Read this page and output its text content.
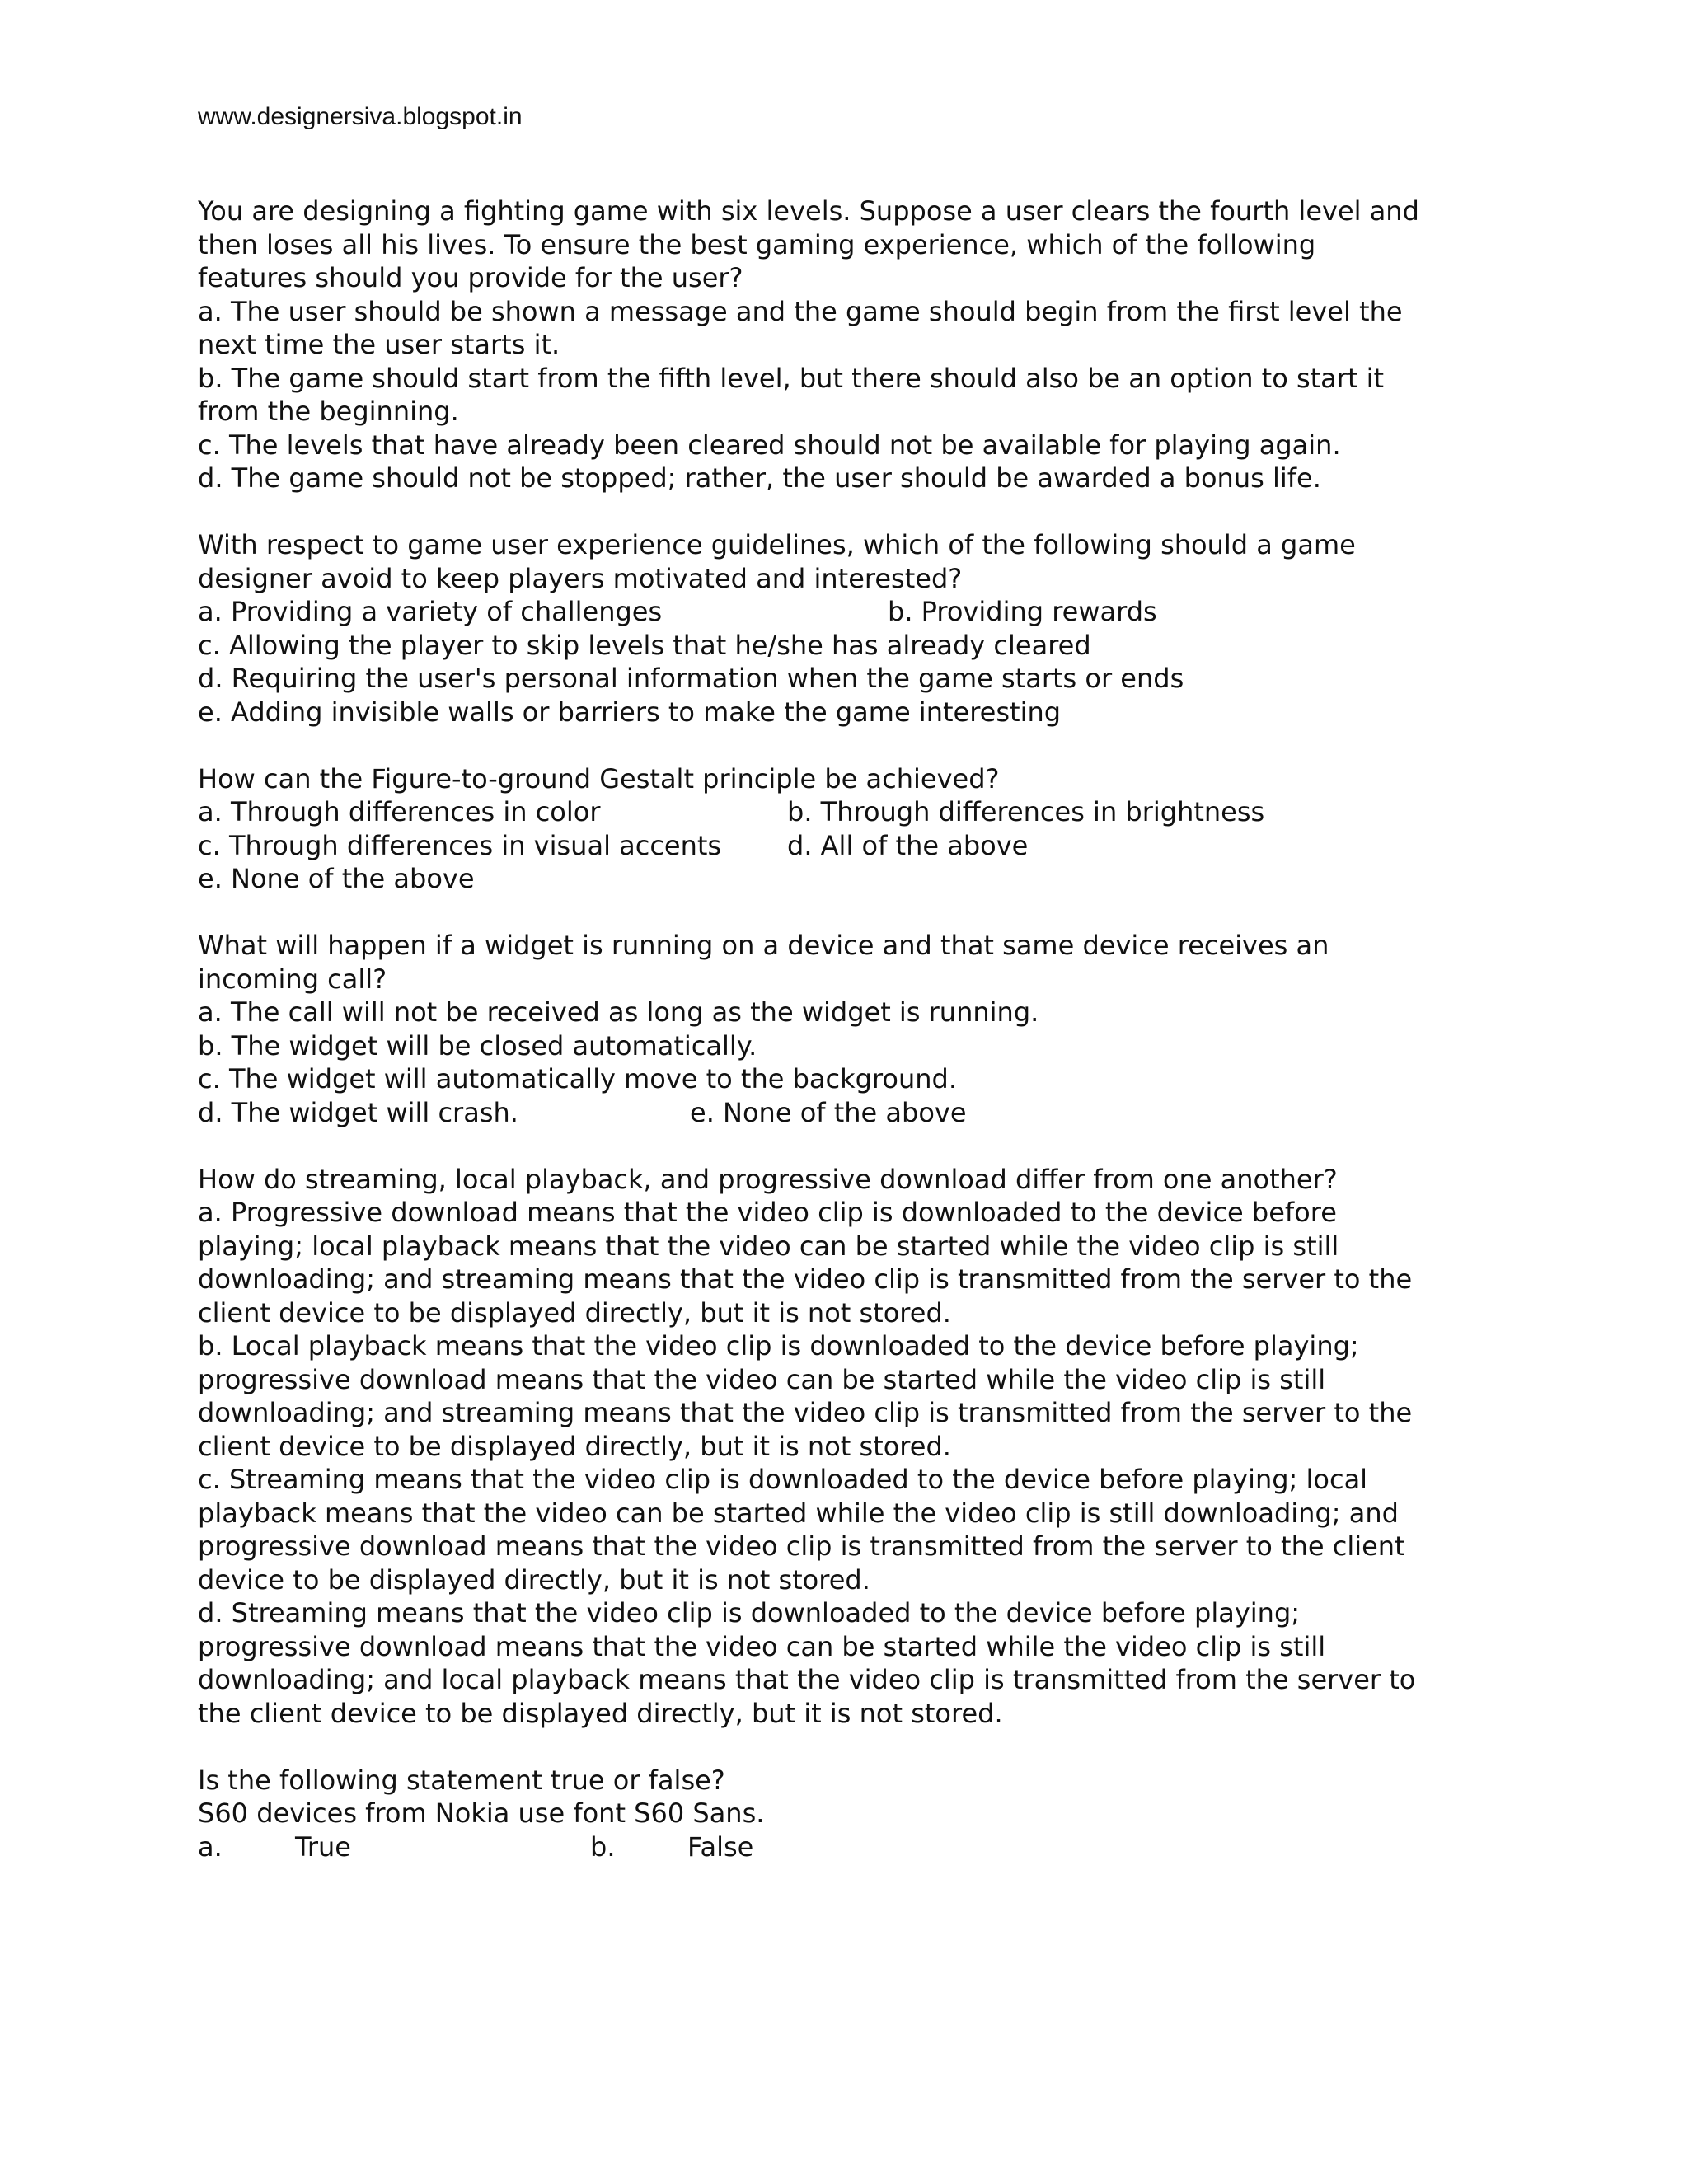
www.designersiva.blogspot.in

You are designing a fighting game with six levels. Suppose a user clears the fourth level and
then loses all his lives. To ensure the best gaming experience, which of the following
features should you provide for the user?
a. The user should be shown a message and the game should begin from the first level the
next time the user starts it.
b. The game should start from the fifth level, but there should also be an option to start it
from the beginning.
c. The levels that have already been cleared should not be available for playing again.
d. The game should not be stopped; rather, the user should be awarded a bonus life.
With respect to game user experience guidelines, which of the following should a game
designer avoid to keep players motivated and interested?
a. Providing a variety of challenges	b. Providing rewards
c. Allowing the player to skip levels that he/she has already cleared
d. Requiring the user's personal information when the game starts or ends
e. Adding invisible walls or barriers to make the game interesting
How can the Figure-to-ground Gestalt principle be achieved?
a. Through differences in color	b. Through differences in brightness
c. Through differences in visual accents	d. All of the above
e. None of the above
What will happen if a widget is running on a device and that same device receives an
incoming call?
a. The call will not be received as long as the widget is running.
b. The widget will be closed automatically.
c. The widget will automatically move to the background.
d. The widget will crash.	e. None of the above
How do streaming, local playback, and progressive download differ from one another?
a. Progressive download means that the video clip is downloaded to the device before
playing; local playback means that the video can be started while the video clip is still
downloading; and streaming means that the video clip is transmitted from the server to the
client device to be displayed directly, but it is not stored.
b. Local playback means that the video clip is downloaded to the device before playing;
progressive download means that the video can be started while the video clip is still
downloading; and streaming means that the video clip is transmitted from the server to the
client device to be displayed directly, but it is not stored.
c. Streaming means that the video clip is downloaded to the device before playing; local
playback means that the video can be started while the video clip is still downloading; and
progressive download means that the video clip is transmitted from the server to the client
device to be displayed directly, but it is not stored.
d. Streaming means that the video clip is downloaded to the device before playing;
progressive download means that the video can be started while the video clip is still
downloading; and local playback means that the video clip is transmitted from the server to
the client device to be displayed directly, but it is not stored.
Is the following statement true or false?
S60 devices from Nokia use font S60 Sans.
a.	True	b.	False
